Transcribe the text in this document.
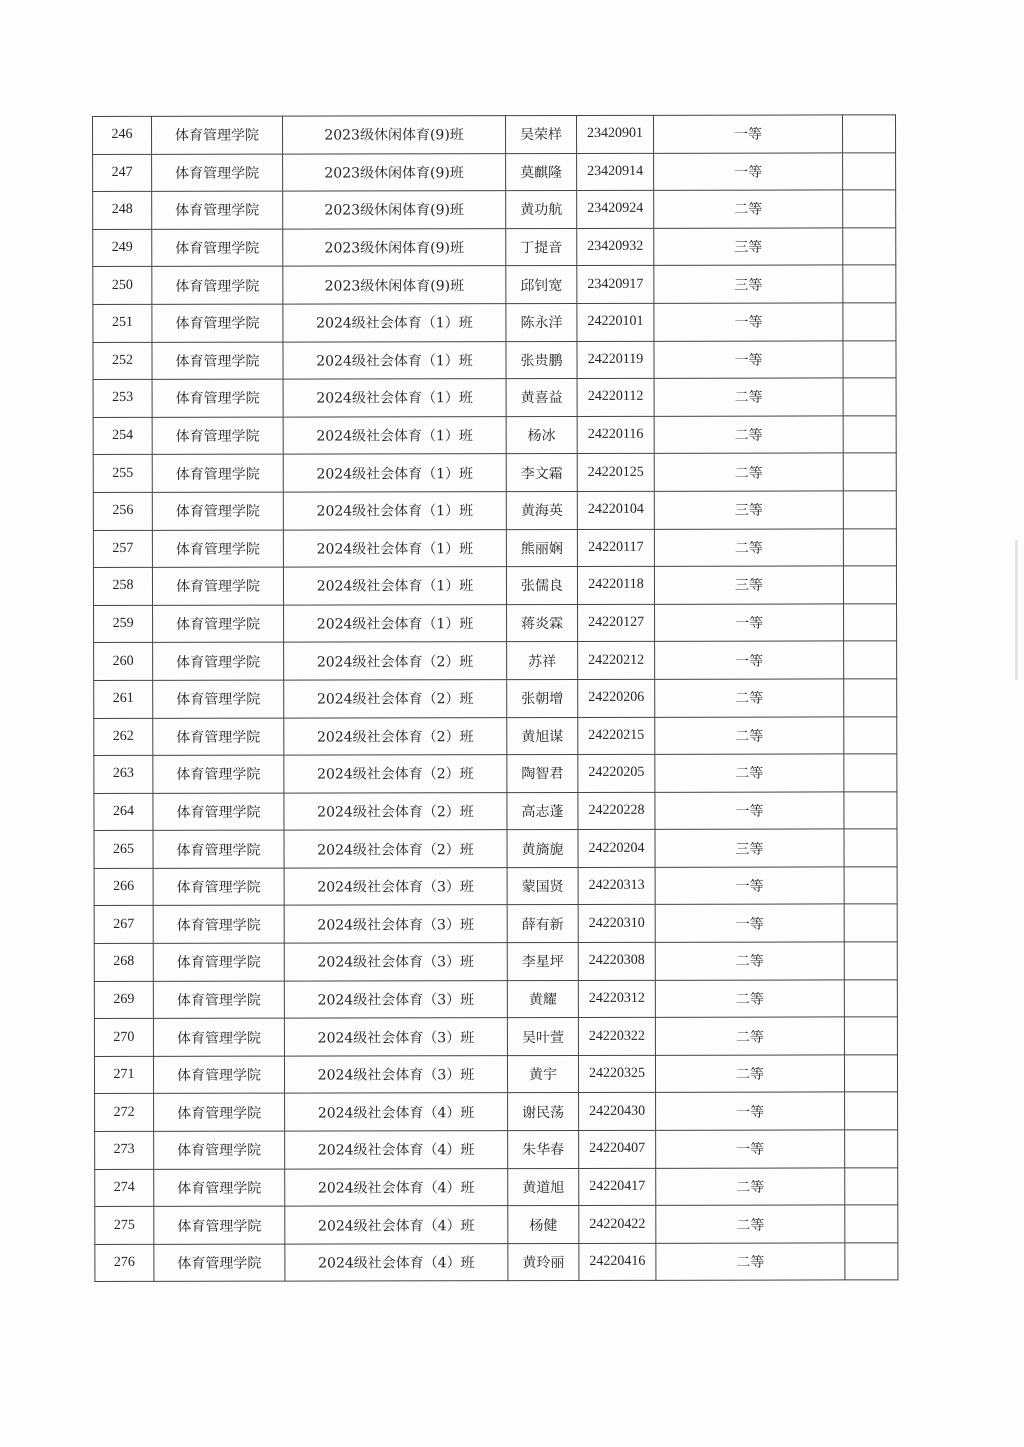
246	体育管理学院	2023级休闲体育(9)班	吴荣样	23420901	一等	
247	体育管理学院	2023级休闲体育(9)班	莫麒隆	23420914	一等	
248	体育管理学院	2023级休闲体育(9)班	黄功航	23420924	二等	
249	体育管理学院	2023级休闲体育(9)班	丁提音	23420932	三等	
250	体育管理学院	2023级休闲体育(9)班	邱钊宽	23420917	三等	
251	体育管理学院	2024级社会体育（1）班	陈永洋	24220101	一等	
252	体育管理学院	2024级社会体育（1）班	张贵鹏	24220119	一等	
253	体育管理学院	2024级社会体育（1）班	黄喜益	24220112	二等	
254	体育管理学院	2024级社会体育（1）班	杨冰	24220116	二等	
255	体育管理学院	2024级社会体育（1）班	李文霜	24220125	二等	
256	体育管理学院	2024级社会体育（1）班	黄海英	24220104	三等	
257	体育管理学院	2024级社会体育（1）班	熊丽娴	24220117	二等	
258	体育管理学院	2024级社会体育（1）班	张儒良	24220118	三等	
259	体育管理学院	2024级社会体育（1）班	蒋炎霖	24220127	一等	
260	体育管理学院	2024级社会体育（2）班	苏祥	24220212	一等	
261	体育管理学院	2024级社会体育（2）班	张朝增	24220206	二等	
262	体育管理学院	2024级社会体育（2）班	黄旭谋	24220215	二等	
263	体育管理学院	2024级社会体育（2）班	陶智君	24220205	二等	
264	体育管理学院	2024级社会体育（2）班	高志蓬	24220228	一等	
265	体育管理学院	2024级社会体育（2）班	黄旖旎	24220204	三等	
266	体育管理学院	2024级社会体育（3）班	蒙国贤	24220313	一等	
267	体育管理学院	2024级社会体育（3）班	薛有新	24220310	一等	
268	体育管理学院	2024级社会体育（3）班	李星坪	24220308	二等	
269	体育管理学院	2024级社会体育（3）班	黄耀	24220312	二等	
270	体育管理学院	2024级社会体育（3）班	吴叶萱	24220322	二等	
271	体育管理学院	2024级社会体育（3）班	黄宇	24220325	二等	
272	体育管理学院	2024级社会体育（4）班	谢民荡	24220430	一等	
273	体育管理学院	2024级社会体育（4）班	朱华春	24220407	一等	
274	体育管理学院	2024级社会体育（4）班	黄道旭	24220417	二等	
275	体育管理学院	2024级社会体育（4）班	杨健	24220422	二等	
276	体育管理学院	2024级社会体育（4）班	黄玲丽	24220416	二等	
